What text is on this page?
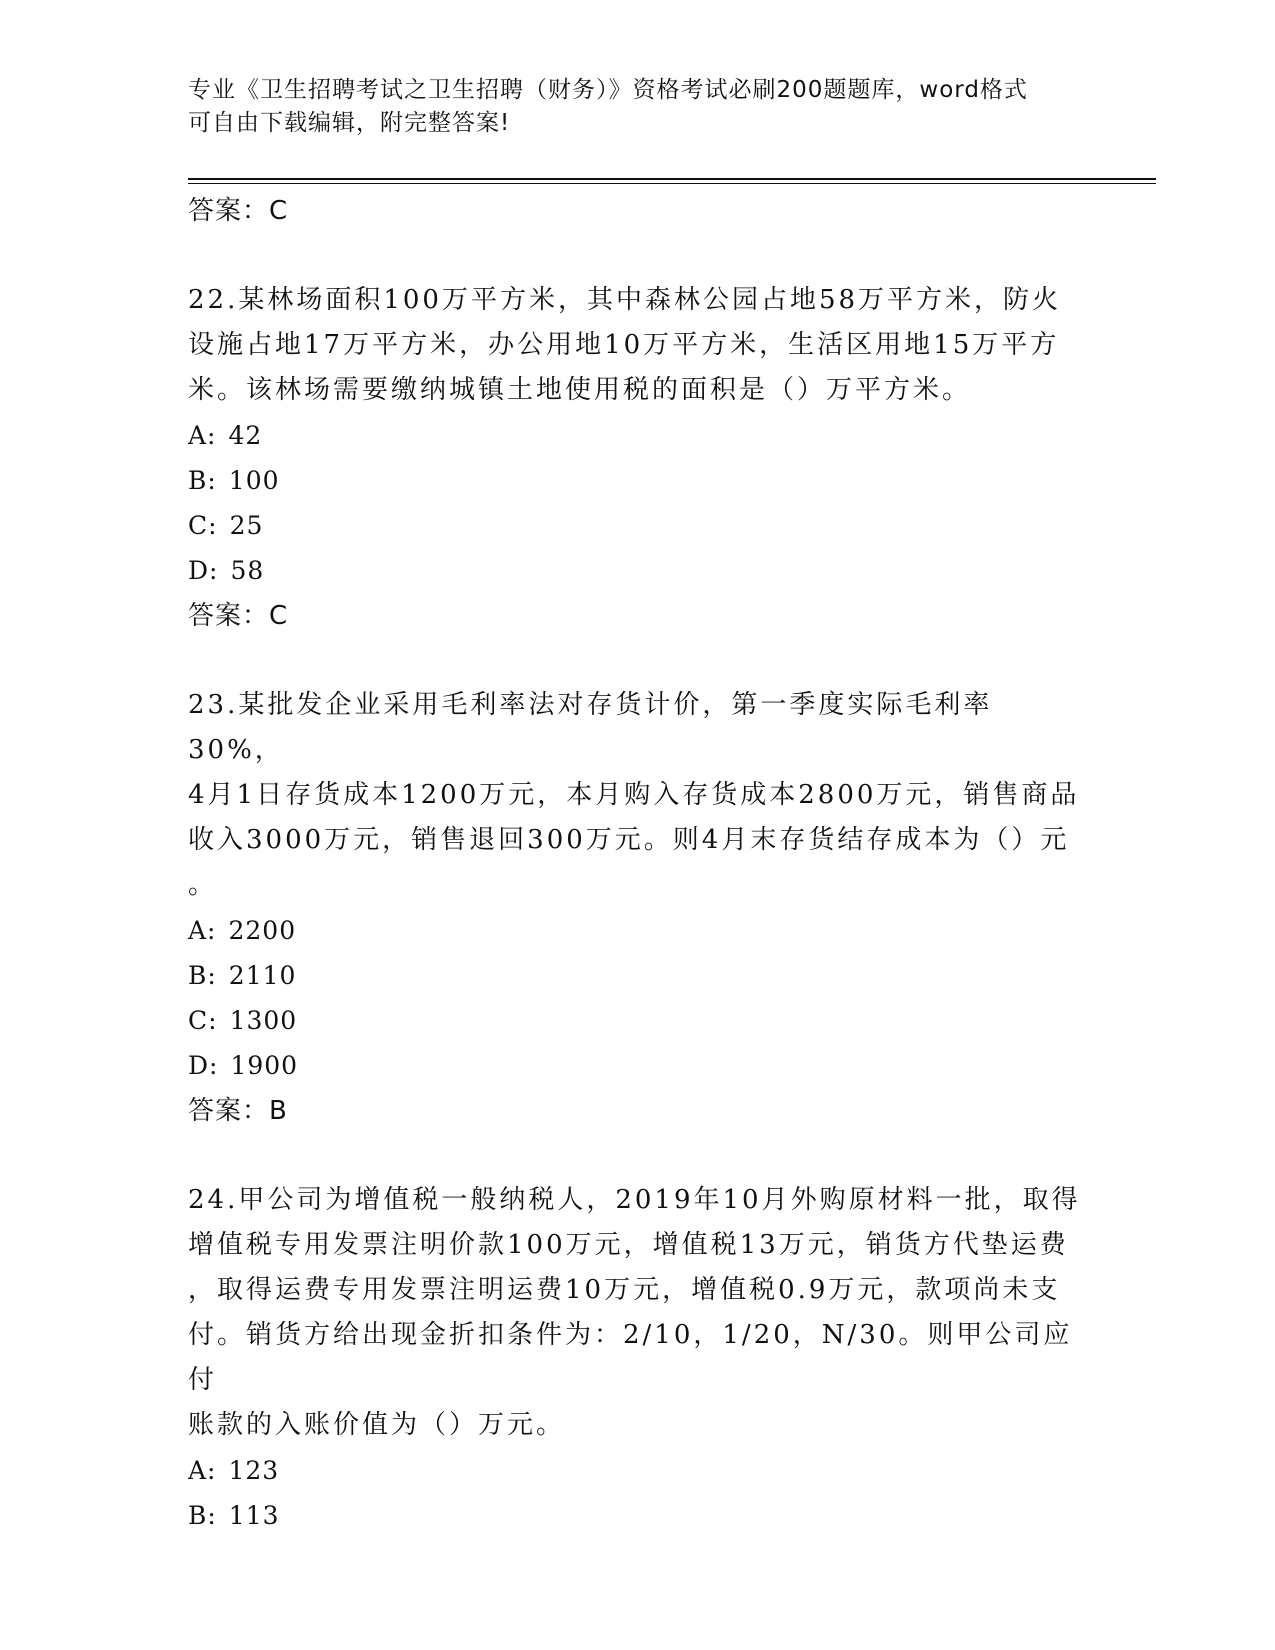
专业《卫生招聘考试之卫生招聘（财务）》资格考试必刷200题题库，word格式
可自由下载编辑，附完整答案!
答案：C
22.某林场面积100万平方米，其中森林公园占地58万平方米，防火
设施占地17万平方米，办公用地10万平方米，生活区用地15万平方
米。该林场需要缴纳城镇土地使用税的面积是（）万平方米。
A: 42
B: 100
C: 25
D: 58
答案：C
23.某批发企业采用毛利率法对存货计价，第一季度实际毛利率30%，
4月1日存货成本1200万元，本月购入存货成本2800万元，销售商品
收入3000万元，销售退回300万元。则4月末存货结存成本为（）元
。
A: 2200
B: 2110
C: 1300
D: 1900
答案：B
24.甲公司为增值税一般纳税人，2019年10月外购原材料一批，取得
增值税专用发票注明价款100万元，增值税13万元，销货方代垫运费
，取得运费专用发票注明运费10万元，增值税0.9万元，款项尚未支
付。销货方给出现金折扣条件为：2/10，1/20，N/30。则甲公司应付
账款的入账价值为（）万元。
A: 123
B: 113
